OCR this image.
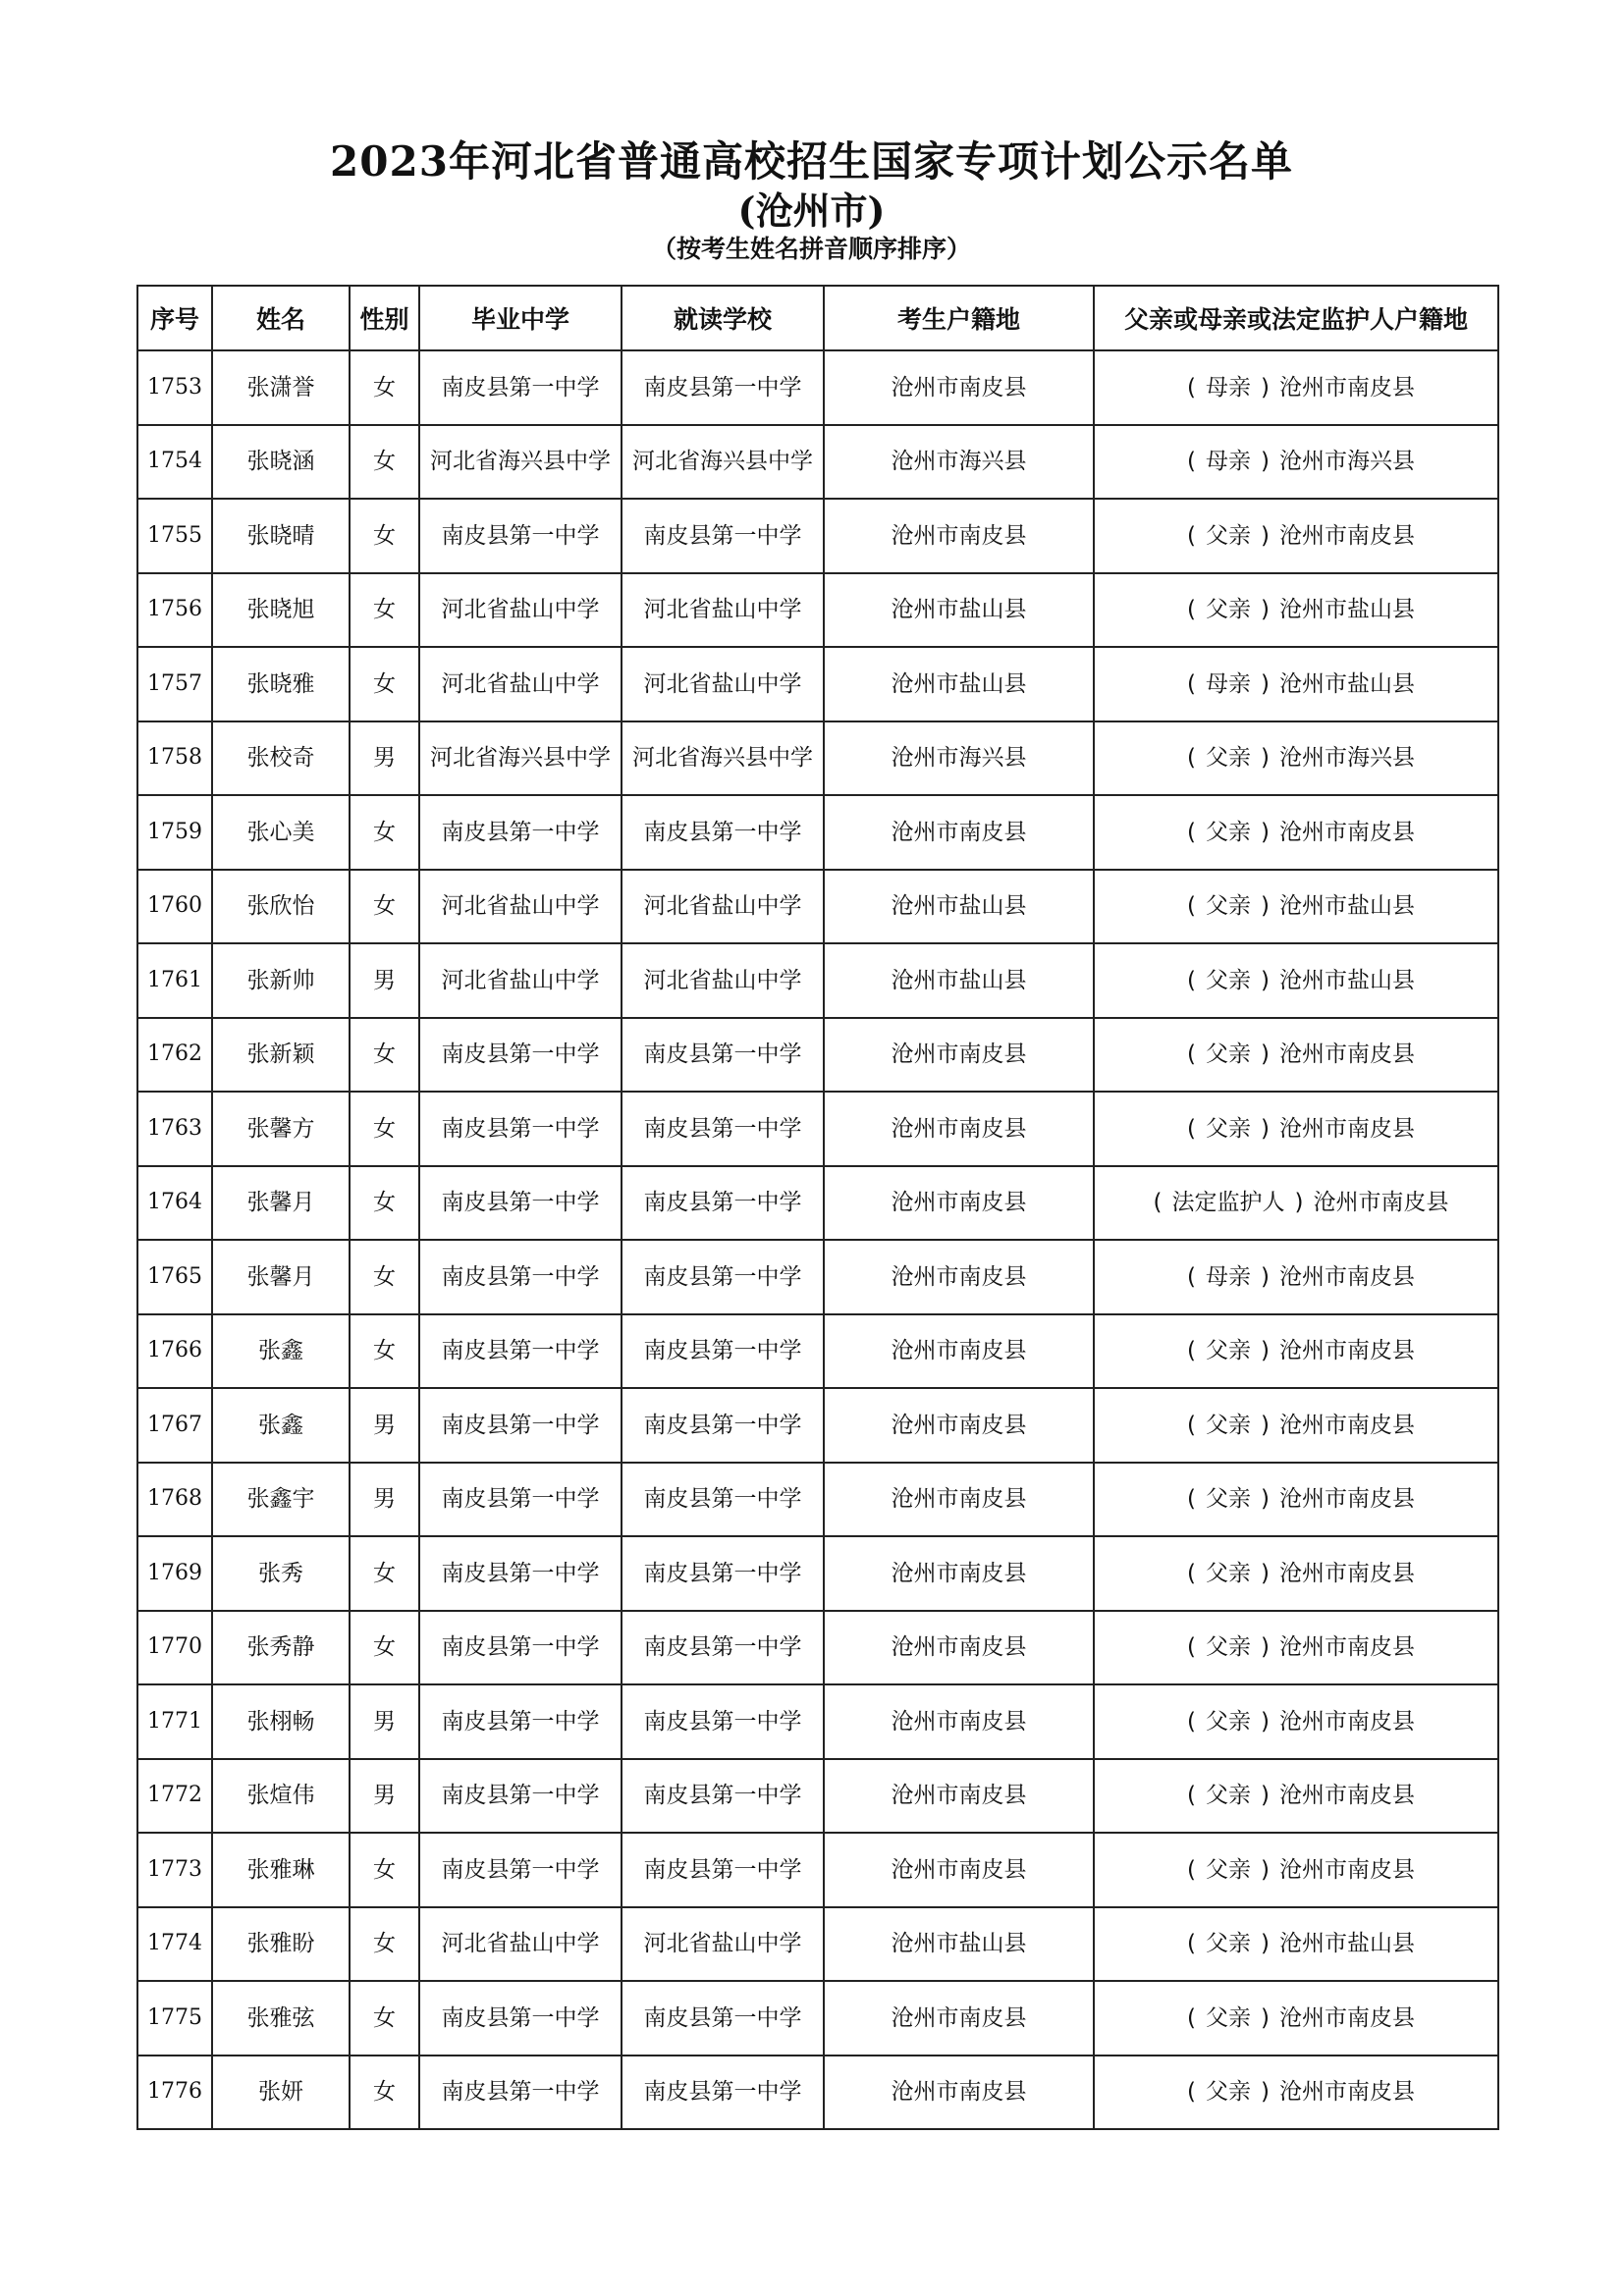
2023年河北省普通高校招生国家专项计划公示名单
(沧州市)
（按考生姓名拼音顺序排序）
序号	姓名	性别	毕业中学	就读学校	考生户籍地	父亲或母亲或法定监护人户籍地
1753	张潇誉	女	南皮县第一中学	南皮县第一中学	沧州市南皮县	( 母亲 ) 沧州市南皮县
1754	张晓涵	女	河北省海兴县中学	河北省海兴县中学	沧州市海兴县	( 母亲 ) 沧州市海兴县
1755	张晓晴	女	南皮县第一中学	南皮县第一中学	沧州市南皮县	( 父亲 ) 沧州市南皮县
1756	张晓旭	女	河北省盐山中学	河北省盐山中学	沧州市盐山县	( 父亲 ) 沧州市盐山县
1757	张晓雅	女	河北省盐山中学	河北省盐山中学	沧州市盐山县	( 母亲 ) 沧州市盐山县
1758	张校奇	男	河北省海兴县中学	河北省海兴县中学	沧州市海兴县	( 父亲 ) 沧州市海兴县
1759	张心美	女	南皮县第一中学	南皮县第一中学	沧州市南皮县	( 父亲 ) 沧州市南皮县
1760	张欣怡	女	河北省盐山中学	河北省盐山中学	沧州市盐山县	( 父亲 ) 沧州市盐山县
1761	张新帅	男	河北省盐山中学	河北省盐山中学	沧州市盐山县	( 父亲 ) 沧州市盐山县
1762	张新颖	女	南皮县第一中学	南皮县第一中学	沧州市南皮县	( 父亲 ) 沧州市南皮县
1763	张馨方	女	南皮县第一中学	南皮县第一中学	沧州市南皮县	( 父亲 ) 沧州市南皮县
1764	张馨月	女	南皮县第一中学	南皮县第一中学	沧州市南皮县	( 法定监护人 ) 沧州市南皮县
1765	张馨月	女	南皮县第一中学	南皮县第一中学	沧州市南皮县	( 母亲 ) 沧州市南皮县
1766	张鑫	女	南皮县第一中学	南皮县第一中学	沧州市南皮县	( 父亲 ) 沧州市南皮县
1767	张鑫	男	南皮县第一中学	南皮县第一中学	沧州市南皮县	( 父亲 ) 沧州市南皮县
1768	张鑫宇	男	南皮县第一中学	南皮县第一中学	沧州市南皮县	( 父亲 ) 沧州市南皮县
1769	张秀	女	南皮县第一中学	南皮县第一中学	沧州市南皮县	( 父亲 ) 沧州市南皮县
1770	张秀静	女	南皮县第一中学	南皮县第一中学	沧州市南皮县	( 父亲 ) 沧州市南皮县
1771	张栩畅	男	南皮县第一中学	南皮县第一中学	沧州市南皮县	( 父亲 ) 沧州市南皮县
1772	张煊伟	男	南皮县第一中学	南皮县第一中学	沧州市南皮县	( 父亲 ) 沧州市南皮县
1773	张雅琳	女	南皮县第一中学	南皮县第一中学	沧州市南皮县	( 父亲 ) 沧州市南皮县
1774	张雅盼	女	河北省盐山中学	河北省盐山中学	沧州市盐山县	( 父亲 ) 沧州市盐山县
1775	张雅弦	女	南皮县第一中学	南皮县第一中学	沧州市南皮县	( 父亲 ) 沧州市南皮县
1776	张妍	女	南皮县第一中学	南皮县第一中学	沧州市南皮县	( 父亲 ) 沧州市南皮县
